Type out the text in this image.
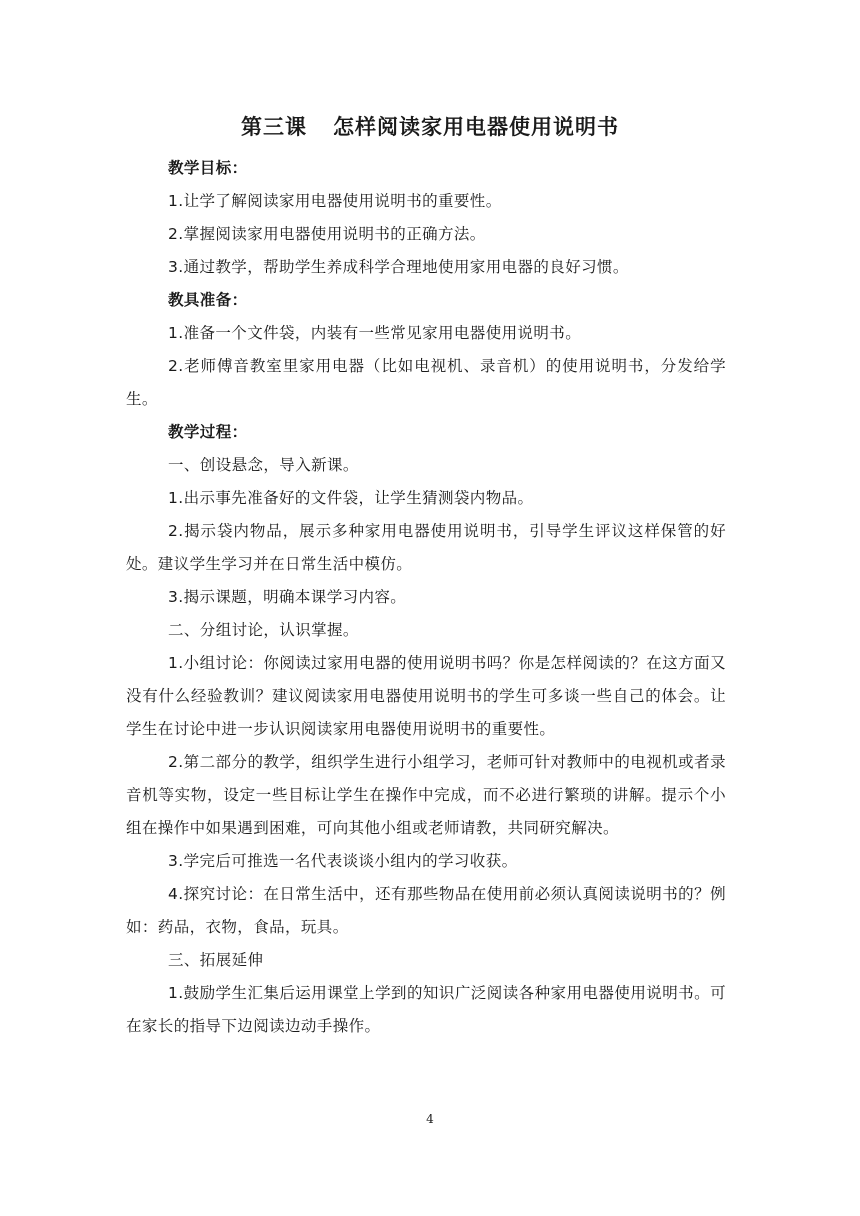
第三课 怎样阅读家用电器使用说明书

教学目标：

1.让学了解阅读家用电器使用说明书的重要性。

2.掌握阅读家用电器使用说明书的正确方法。

3.通过教学，帮助学生养成科学合理地使用家用电器的良好习惯。

教具准备：

1.准备一个文件袋，内装有一些常见家用电器使用说明书。

2.老师傅音教室里家用电器（比如电视机、录音机）的使用说明书，分发给学生。

教学过程：

一、创设悬念，导入新课。

1.出示事先准备好的文件袋，让学生猜测袋内物品。

2.揭示袋内物品，展示多种家用电器使用说明书，引导学生评议这样保管的好处。建议学生学习并在日常生活中模仿。

3.揭示课题，明确本课学习内容。

二、分组讨论，认识掌握。

1.小组讨论：你阅读过家用电器的使用说明书吗？你是怎样阅读的？在这方面又没有什么经验教训？建议阅读家用电器使用说明书的学生可多谈一些自己的体会。让学生在讨论中进一步认识阅读家用电器使用说明书的重要性。

2.第二部分的教学，组织学生进行小组学习，老师可针对教师中的电视机或者录音机等实物，设定一些目标让学生在操作中完成，而不必进行繁琐的讲解。提示个小组在操作中如果遇到困难，可向其他小组或老师请教，共同研究解决。

3.学完后可推选一名代表谈谈小组内的学习收获。

4.探究讨论：在日常生活中，还有那些物品在使用前必须认真阅读说明书的？例如：药品，衣物，食品，玩具。

三、拓展延伸

1.鼓励学生汇集后运用课堂上学到的知识广泛阅读各种家用电器使用说明书。可在家长的指导下边阅读边动手操作。

4
